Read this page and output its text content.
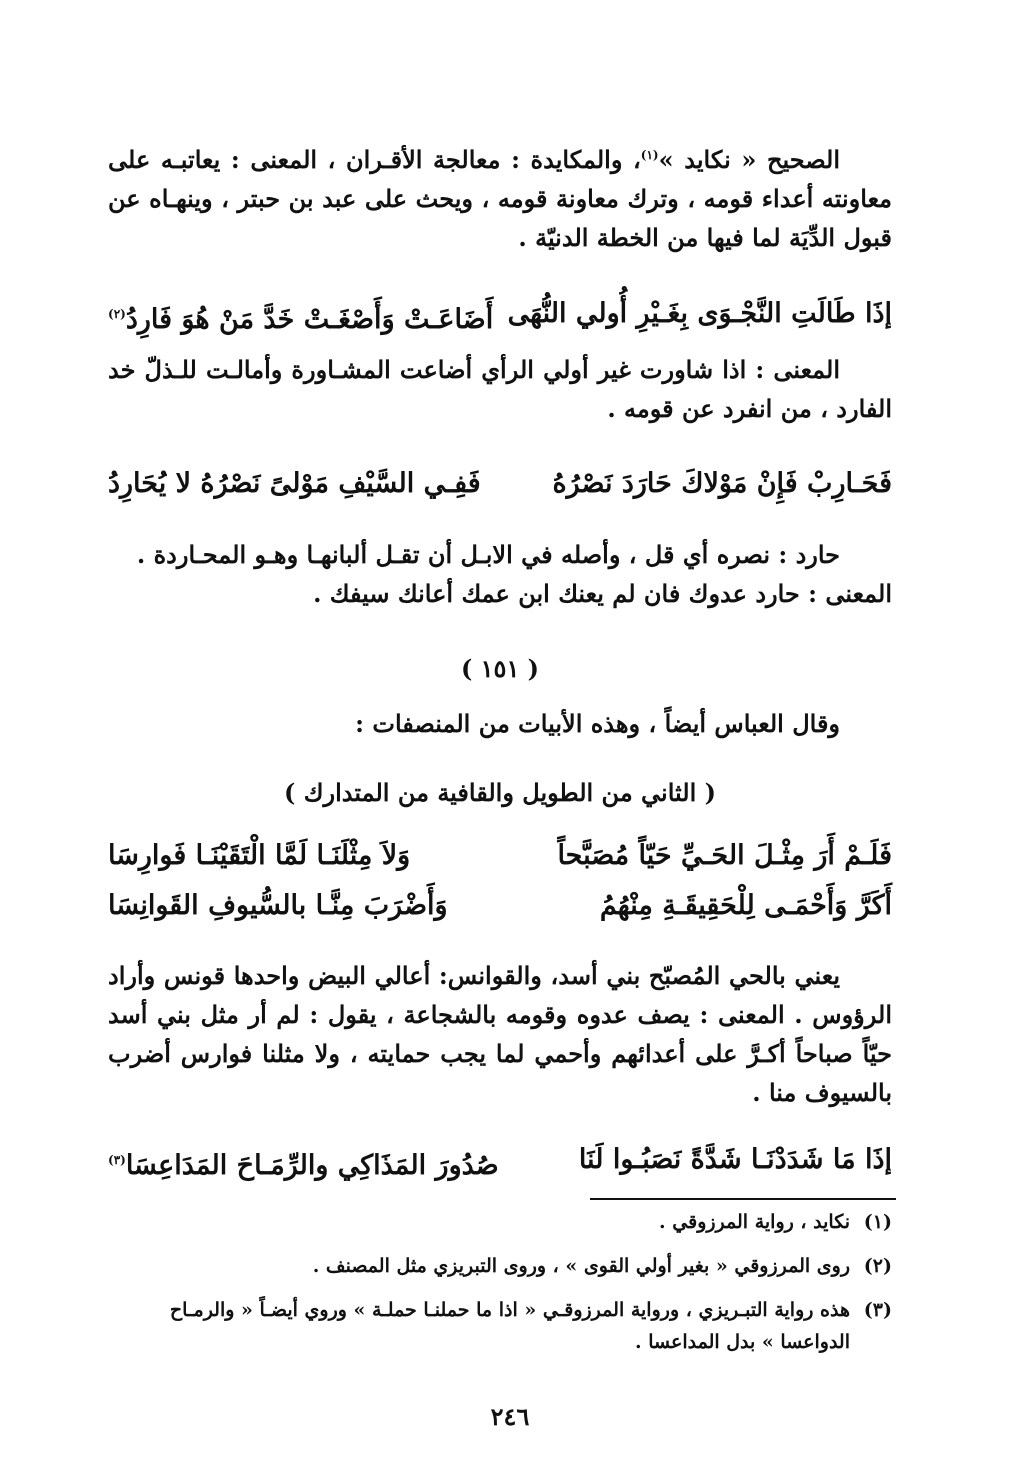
الصحيح « نكايد »$^{(١)}$، والمكايدة : معالجة الأقـران ، المعنى : يعاتبـه على معاونته أعداء قومه ، وترك معاونة قومه ، ويحث على عبد بن حبتر ، وينهـاه عن قبول الدِّيَة لما فيها من الخطة الدنيّة .
إذَا طَالَتِ النَّجْـوَى بِغَـيْرِ أُولي النُّهَى
أَضَاعَـتْ وَأَصْغَـتْ خَدَّ مَنْ هُوَ فَارِدُ$^{(٢)}$
المعنى : اذا شاورت غير أولي الرأي أضاعت المشـاورة وأمالـت للـذلّ خد الفارد ، من انفرد عن قومه .
فَحَـارِبْ فَإِنْ مَوْلاكَ حَارَدَ نَصْرُهُ
فَفِـي السَّيْفِ مَوْلىً نَصْرُهُ لا يُحَارِدُ
حارد : نصره أي قل ، وأصله في الابـل أن تقـل ألبانهـا وهـو المحـاردة .
المعنى : حارد عدوك فان لم يعنك ابن عمك أعانك سيفك .
( ١٥١ )
وقال العباس أيضاً ، وهذه الأبيات من المنصفات :
( الثاني من الطويل والقافية من المتدارك )
فَلَـمْ أَرَ مِثْـلَ الحَـيِّ حَيّاً مُصَبَّحاً
وَلاَ مِثْلَنَـا لَمَّا الْتَقَيْنَـا فَوارِسَا
أَكَرَّ وَأَحْمَـى لِلْحَقِيقَـةِ مِنْهُمُ
وَأَضْرَبَ مِنَّـا بالسُّيوفِ القَوانِسَا
يعني بالحي المُصبّح بني أسد، والقوانس: أعالي البيض واحدها قونس وأراد الرؤوس . المعنى : يصف عدوه وقومه بالشجاعة ، يقول : لم أر مثل بني أسد حيّاً صباحاً أكـرَّ على أعدائهم وأحمي لما يجب حمايته ، ولا مثلنا فوارس أضرب بالسيوف منا .
إذَا مَا شَدَدْنَـا شَدَّةً نَصَبُـوا لَنَا
صُدُورَ المَذَاكِي والرِّمَـاحَ المَدَاعِسَا$^{(٣)}$
(١)نكايد ، رواية المرزوقي .
(٢)روى المرزوقي « بغير أولي القوى » ، وروى التبريزي مثل المصنف .
(٣)هذه رواية التبـريزي ، ورواية المرزوقـي « اذا ما حملنـا حملـة » وروي أيضـاً « والرمـاح
الدواعسا » بدل المداعسا .
٢٤٦
